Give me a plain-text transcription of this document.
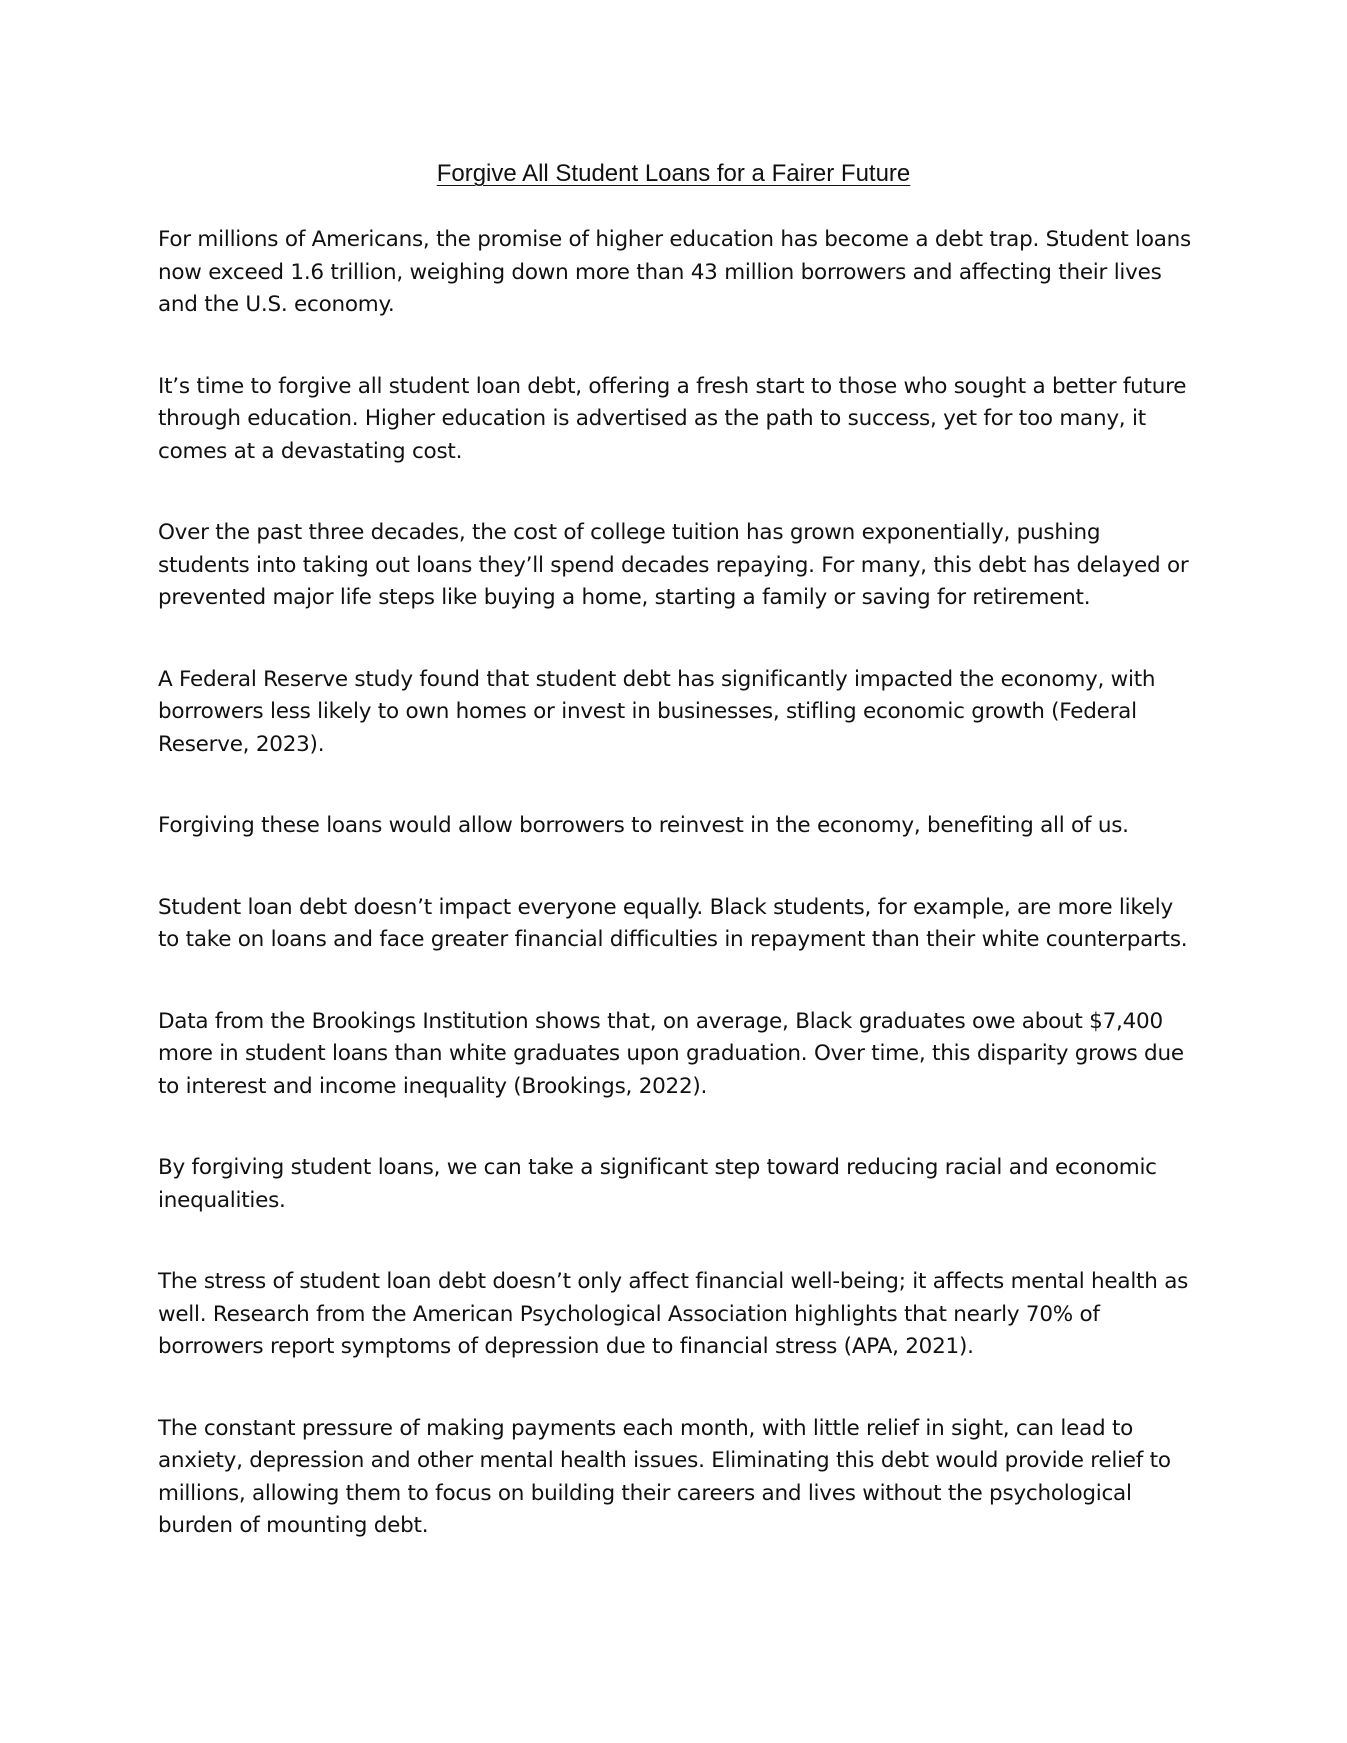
Forgive All Student Loans for a Fairer Future

For millions of Americans, the promise of higher education has become a debt trap. Student loans now exceed 1.6 trillion, weighing down more than 43 million borrowers and affecting their lives and the U.S. economy.

It’s time to forgive all student loan debt, offering a fresh start to those who sought a better future through education. Higher education is advertised as the path to success, yet for too many, it comes at a devastating cost.

Over the past three decades, the cost of college tuition has grown exponentially, pushing students into taking out loans they’ll spend decades repaying. For many, this debt has delayed or prevented major life steps like buying a home, starting a family or saving for retirement.

A Federal Reserve study found that student debt has significantly impacted the economy, with borrowers less likely to own homes or invest in businesses, stifling economic growth (Federal Reserve, 2023).

Forgiving these loans would allow borrowers to reinvest in the economy, benefiting all of us.

Student loan debt doesn’t impact everyone equally. Black students, for example, are more likely to take on loans and face greater financial difficulties in repayment than their white counterparts.

Data from the Brookings Institution shows that, on average, Black graduates owe about $7,400 more in student loans than white graduates upon graduation. Over time, this disparity grows due to interest and income inequality (Brookings, 2022).

By forgiving student loans, we can take a significant step toward reducing racial and economic inequalities.

The stress of student loan debt doesn’t only affect financial well-being; it affects mental health as well. Research from the American Psychological Association highlights that nearly 70% of borrowers report symptoms of depression due to financial stress (APA, 2021).

The constant pressure of making payments each month, with little relief in sight, can lead to anxiety, depression and other mental health issues. Eliminating this debt would provide relief to millions, allowing them to focus on building their careers and lives without the psychological burden of mounting debt.
